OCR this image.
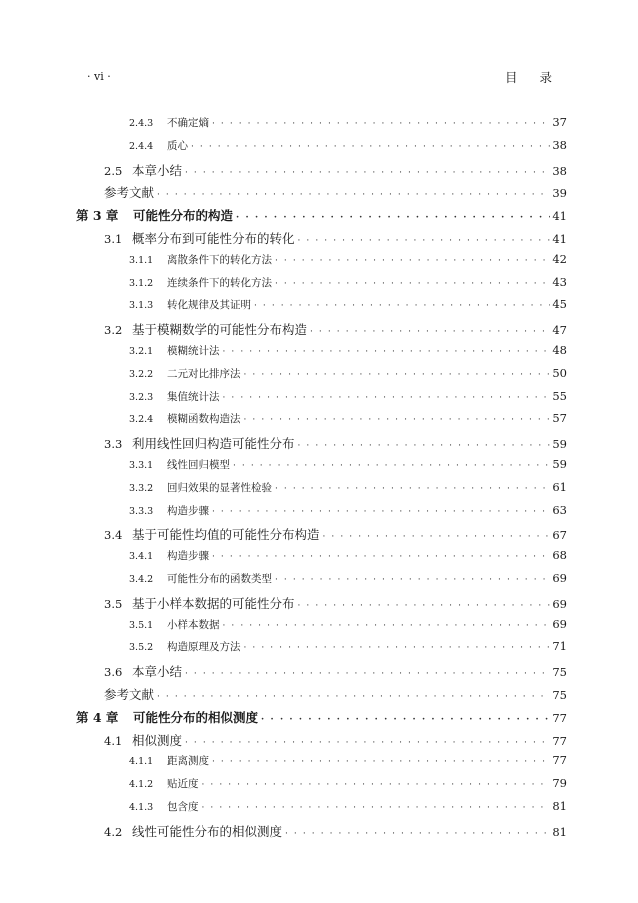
· vi ·	目 录
2.4.3	不确定熵 · · ·	37
2.4.4	质心 · · ·	38
2.5 本章小结 · · ·	38
参考文献 · · ·	39
第 3 章	可能性分布的构造 · · ·	41
3.1 概率分布到可能性分布的转化 · · ·	41
3.1.1	离散条件下的转化方法 · · ·	42
3.1.2	连续条件下的转化方法 · · ·	43
3.1.3	转化规律及其证明 · · ·	45
3.2 基于模糊数学的可能性分布构造 · · ·	47
3.2.1	模糊统计法 · · ·	48
3.2.2	二元对比排序法 · · ·	50
3.2.3	集值统计法 · · ·	55
3.2.4	模糊函数构造法 · · ·	57
3.3 利用线性回归构造可能性分布 · · ·	59
3.3.1	线性回归模型 · · ·	59
3.3.2	回归效果的显著性检验 · · ·	61
3.3.3	构造步骤 · · ·	63
3.4 基于可能性均值的可能性分布构造 · · ·	67
3.4.1	构造步骤 · · ·	68
3.4.2	可能性分布的函数类型 · · ·	69
3.5 基于小样本数据的可能性分布 · · ·	69
3.5.1	小样本数据 · · ·	69
3.5.2	构造原理及方法 · · ·	71
3.6 本章小结 · · ·	75
参考文献 · · ·	75
第 4 章	可能性分布的相似测度 · · ·	77
4.1 相似测度 · · ·	77
4.1.1	距离测度 · · ·	77
4.1.2	贴近度 · · ·	79
4.1.3	包含度 · · ·	81
4.2 线性可能性分布的相似测度 · · ·	81
